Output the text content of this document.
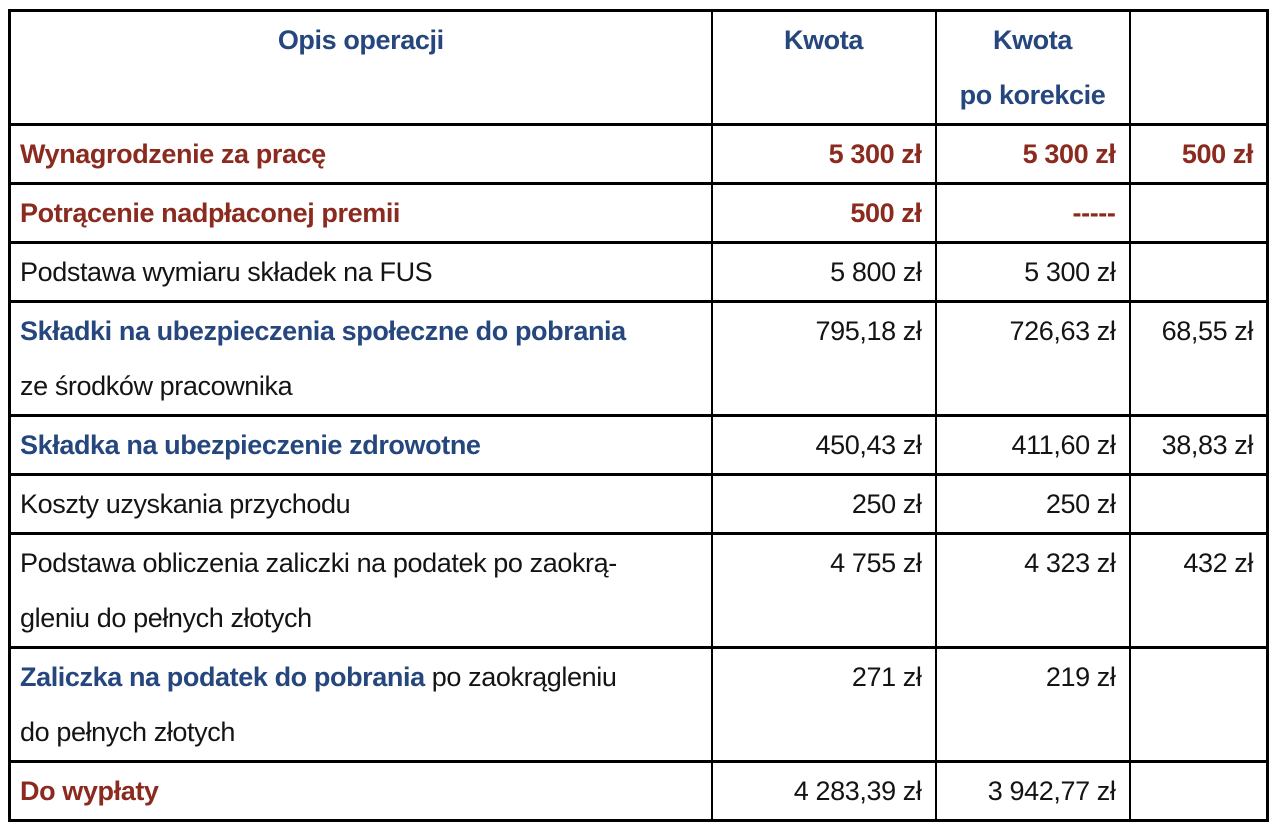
Opis operacji	Kwota	Kwota
po korekcie	

Wynagrodzenie za pracę	5 300 zł	5 300 zł	500 zł

Potrącenie nadpłaconej premii	500 zł	-----	

Podstawa wymiaru składek na FUS	5 800 zł	5 300 zł	

Składki na ubezpieczenia społeczne do pobrania
ze środków pracownika	795,18 zł	726,63 zł	68,55 zł

Składka na ubezpieczenie zdrowotne	450,43 zł	411,60 zł	38,83 zł

Koszty uzyskania przychodu	250 zł	250 zł	

Podstawa obliczenia zaliczki na podatek po zaokrą-
gleniu do pełnych złotych	4 755 zł	4 323 zł	432 zł

Zaliczka na podatek do pobrania po zaokrągleniu
do pełnych złotych	271 zł	219 zł	

Do wypłaty	4 283,39 zł	3 942,77 zł	
